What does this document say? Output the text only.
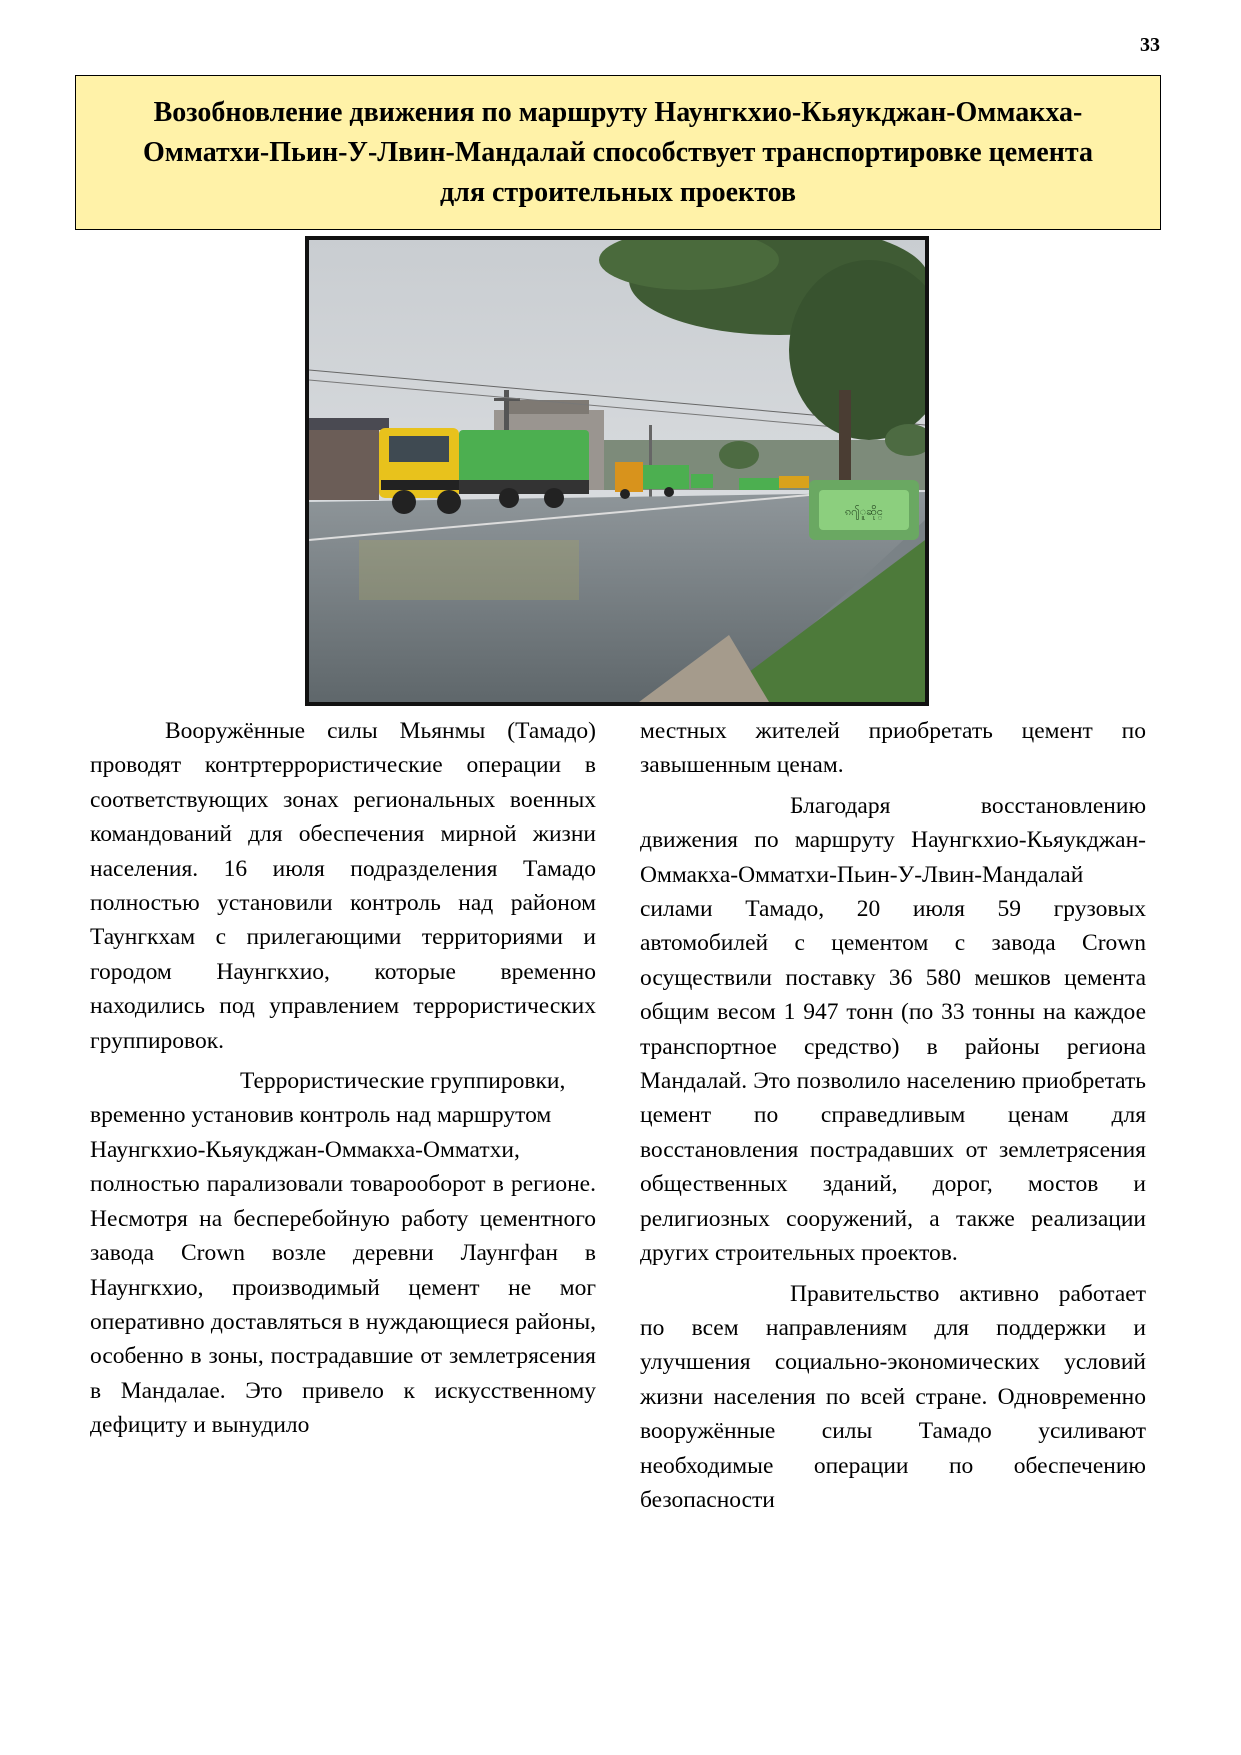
33
Возобновление движения по маршруту Наунгкхио-Кьяукджан-Оммакха-
Омматхи-Пьин-У-Лвин-Мандалай способствует транспортировке цемента
для строительных проектов
ၵ႟ူဆိုင္

Вооружённые силы Мьянмы (Тамадо) проводят контртеррористические операции в соответствующих зонах региональных военных командований для обеспечения мирной жизни населения. 16 июля подразделения Тамадо полностью установили контроль над районом Таунгкхам с прилегающими территориями и городом Наунгкхио, которые временно находились под управлением террористических группировок.

Террористические группировки, временно установив контроль над маршрутом Наунгкхио-Кьяукджан-Оммакха-Омматхи,

полностью парализовали товарооборот в регионе. Несмотря на бесперебойную работу цементного завода Crown возле деревни Лаунгфан в Наунгкхио, производимый цемент не мог оперативно доставляться в нуждающиеся районы, особенно в зоны, пострадавшие от землетрясения в Мандалае. Это привело к искусственному дефициту и вынудило

местных жителей приобретать цемент по завышенным ценам.

Благодаря восстановлению движения по маршруту Наунгкхио-Кьяукджан-Оммакха-Омматхи-Пьин-У-Лвин-Мандалай силами Тамадо, 20 июля 59 грузовых автомобилей с цементом с завода Crown осуществили поставку 36 580 мешков цемента общим весом 1 947 тонн (по 33 тонны на каждое транспортное средство) в районы региона Мандалай. Это позволило населению приобретать цемент по справедливым ценам для восстановления пострадавших от землетрясения общественных зданий, дорог, мостов и религиозных сооружений, а также реализации других строительных проектов.

Правительство активно работает по всем направлениям для поддержки и улучшения социально-экономических условий жизни населения по всей стране. Одновременно вооружённые силы Тамадо усиливают необходимые операции по обеспечению безопасности
